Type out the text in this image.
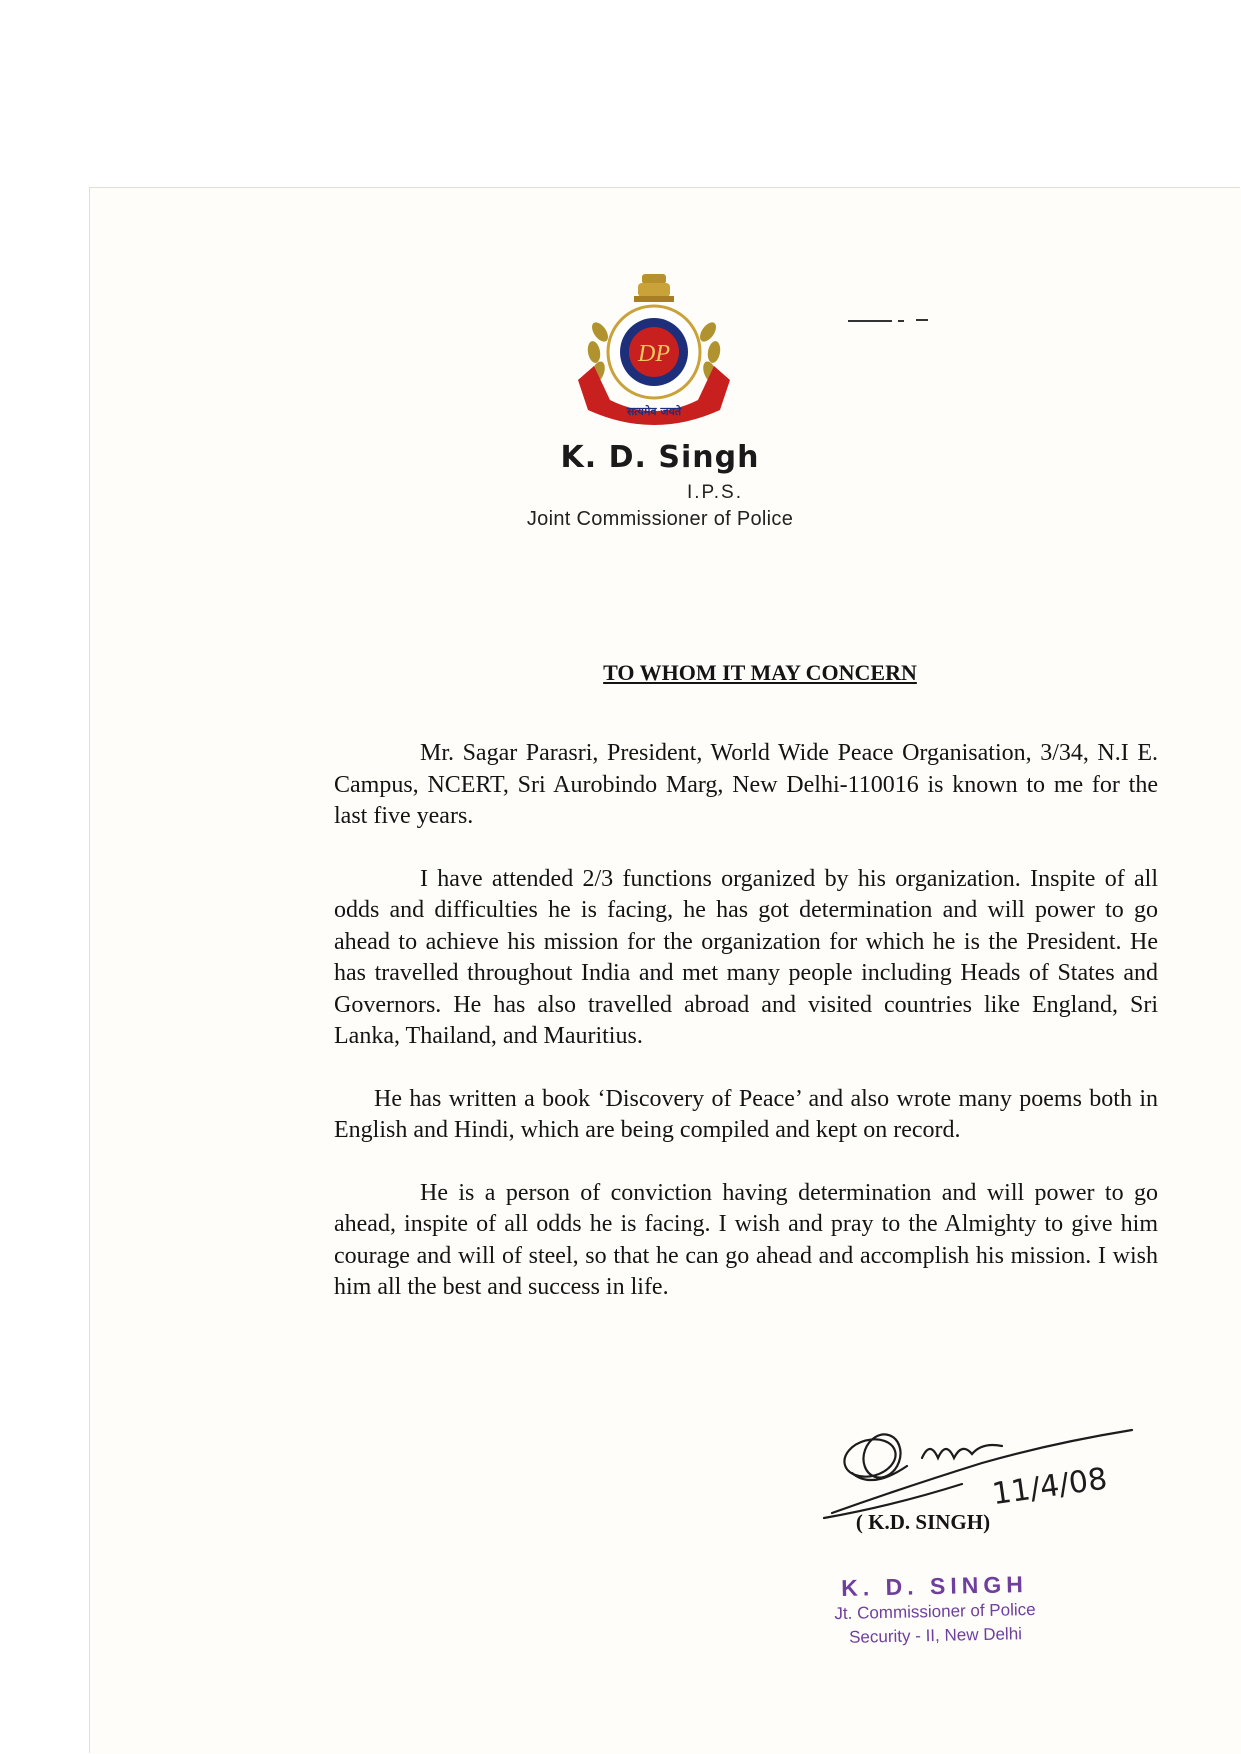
DP
सत्यमेव जयते
K. D. Singh
I.P.S.
Joint Commissioner of Police
TO WHOM IT MAY CONCERN

Mr. Sagar Parasri, President, World Wide Peace Organisation, 3/34, N.I E. Campus, NCERT, Sri Aurobindo Marg, New Delhi-110016 is known to me for the last five years.

I have attended 2/3 functions organized by his organization. Inspite of all odds and difficulties he is facing, he has got determination and will power to go ahead to achieve his mission for the organization for which he is the President. He has travelled throughout India and met many people including Heads of States and Governors. He has also travelled abroad and visited countries like England, Sri Lanka, Thailand, and Mauritius.

He has written a book ‘Discovery of Peace’ and also wrote many poems both in English and Hindi, which are being compiled and kept on record.

He is a person of conviction having determination and will power to go ahead, inspite of all odds he is facing. I wish and pray to the Almighty to give him courage and will of steel, so that he can go ahead and accomplish his mission. I wish him all the best and success in life.

11/4/08
( K.D. SINGH)
K. D. SINGH
Jt. Commissioner of Police
Security - II, New Delhi
